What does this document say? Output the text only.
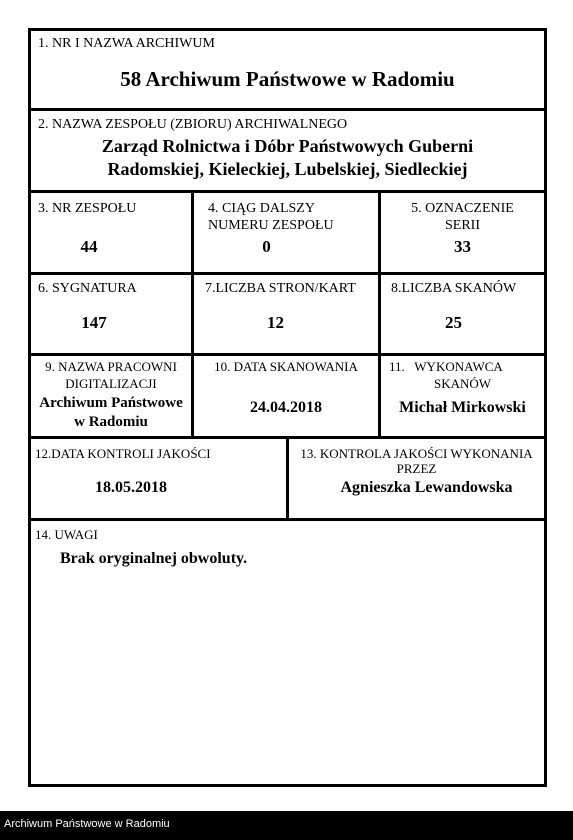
1. NR I NAZWA ARCHIWUM
58 Archiwum Państwowe w Radomiu
2. NAZWA ZESPOŁU (ZBIORU) ARCHIWALNEGO
Zarząd Rolnictwa i Dóbr Państwowych Guberni
Radomskiej, Kieleckiej, Lubelskiej, Siedleckiej
3. NR ZESPOŁU
44
4. CIĄG DALSZY
NUMERU ZESPOŁU
0
5. OZNACZENIE
SERII
33
6. SYGNATURA
147
7.LICZBA STRON/KART
12
8.LICZBA SKANÓW
25
9. NAZWA PRACOWNI
DIGITALIZACJI
Archiwum Państwowe
w Radomiu
10. DATA SKANOWANIA
24.04.2018
11.   WYKONAWCA
SKANÓW
Michał Mirkowski
12.DATA KONTROLI JAKOŚCI
18.05.2018
13. KONTROLA JAKOŚCI WYKONANIA
PRZEZ
Agnieszka Lewandowska
14. UWAGI
Brak oryginalnej obwoluty.
Archiwum Państwowe w Radomiu
